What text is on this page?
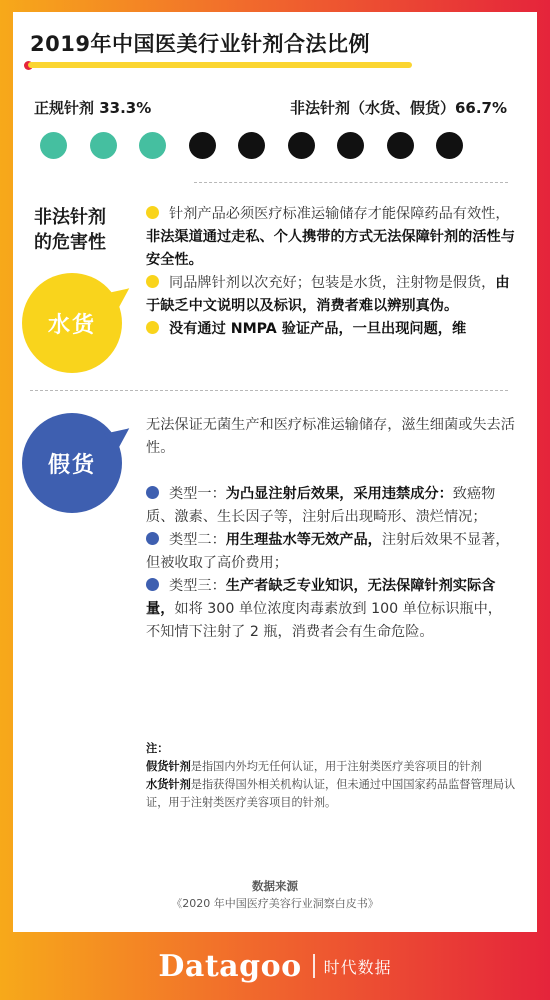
2019年中国医美行业针剂合法比例
正规针剂 33.3%	非法针剂（水货、假货）66.7%
非法针剂
的危害性
水货

针剂产品必须医疗标准运输储存才能保障药品有效性，非法渠道通过走私、个人携带的方式无法保障针剂的活性与安全性。

同品牌针剂以次充好；包装是水货，注射物是假货，由于缺乏中文说明以及标识，消费者难以辨别真伪。

没有通过 NMPA 验证产品，一旦出现问题，维

假货

无法保证无菌生产和医疗标准运输储存，滋生细菌或失去活性。

类型一：为凸显注射后效果，采用违禁成分：致癌物质、激素、生长因子等，注射后出现畸形、溃烂情况；

类型二：用生理盐水等无效产品，注射后效果不显著，但被收取了高价费用；

类型三：生产者缺乏专业知识，无法保障针剂实际含量，如将 300 单位浓度肉毒素放到 100 单位标识瓶中，不知情下注射了 2 瓶，消费者会有生命危险。

注：

假货针剂是指国内外均无任何认证，用于注射类医疗美容项目的针剂

水货针剂是指获得国外相关机构认证，但未通过中国国家药品监督管理局认证，用于注射类医疗美容项目的针剂。

数据来源
《2020 年中国医疗美容行业洞察白皮书》
Datagoo 时代数据
